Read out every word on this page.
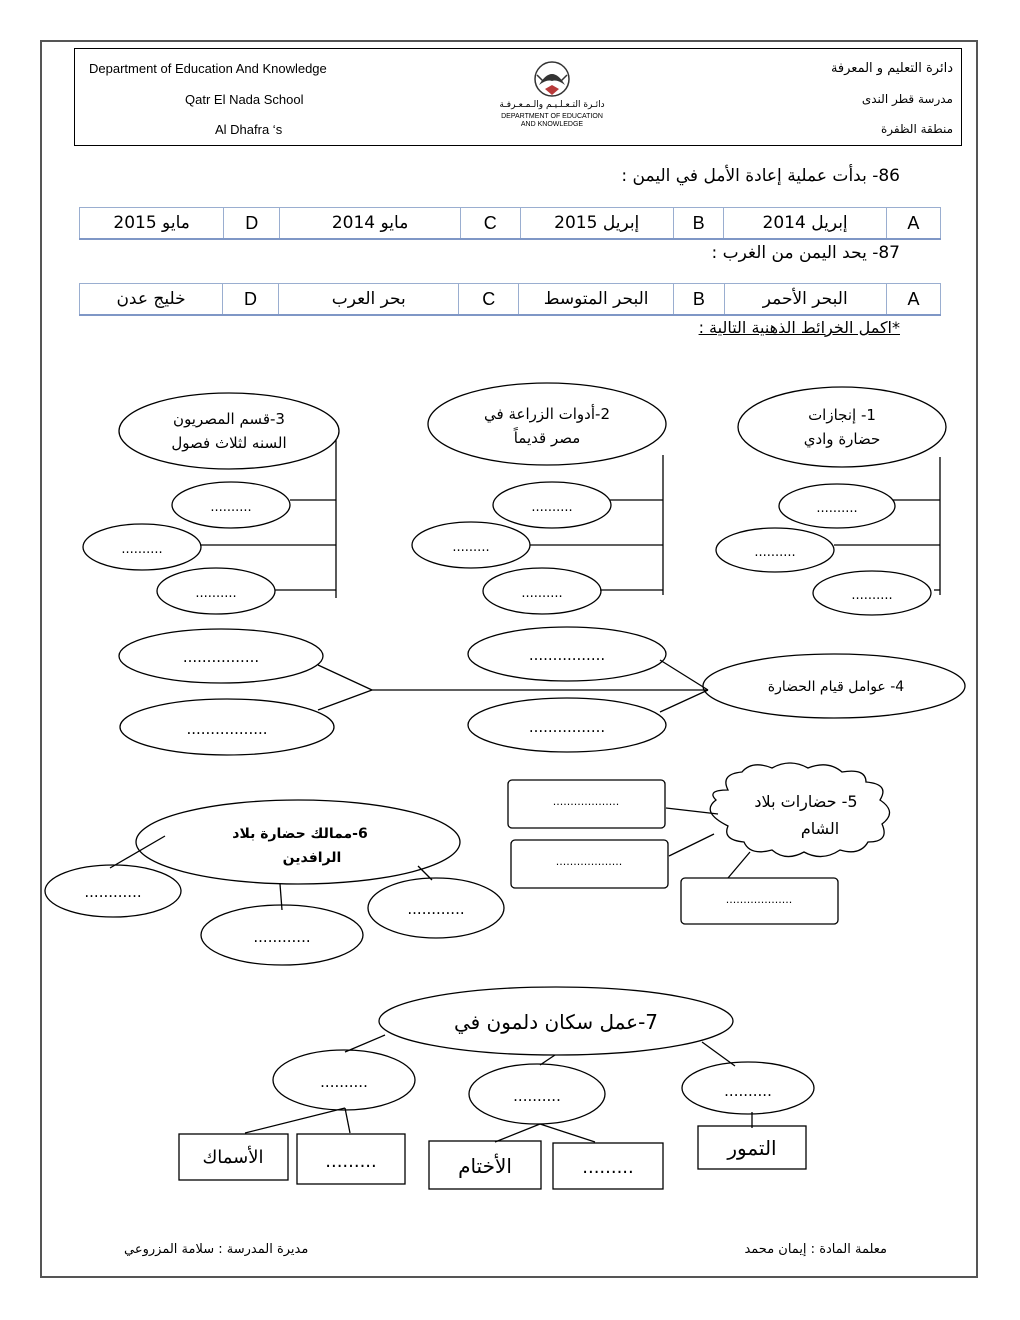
Department of Education And Knowledge
Qatr El Nada School
Al Dhafra ‘s
دائرة التعليم و المعرفة
مدرسة قطر الندى
منطقة الظفرة
دائـرة التـعـلـيـم والـمـعـرفـة
DEPARTMENT OF EDUCATION
AND KNOWLEDGE
86- بدأت عملية إعادة الأمل في اليمن :
مايو 2015	D	مايو 2014	C	إبريل 2015	B	إبريل 2014	A
87- يحد اليمن من الغرب :
خليج عدن	D	بحر العرب	C	البحر المتوسط	B	البحر الأحمر	A
*اكمل الخرائط الذهنية التالية :
1- إنجازات
حضارة وادي
..........
..........
..........
2-أدوات الزراعة في
مصر قديماً
..........
.........
..........
3-قسم المصريون
السنه لثلاث فصول
..........
..........
..........
4- عوامل قيام الحضارة
................
................
................
.................
5- حضارات بلاد
الشام
...................
...................
...................
6-ممالك حضارة بلاد
الرافدين
............
............
............
7-عمل سكان دلمون في
..........
..........
..........
التمور
.........
الأختام
.........
الأسماك
معلمة المادة : إيمان محمد
مديرة المدرسة : سلامة المزروعي
